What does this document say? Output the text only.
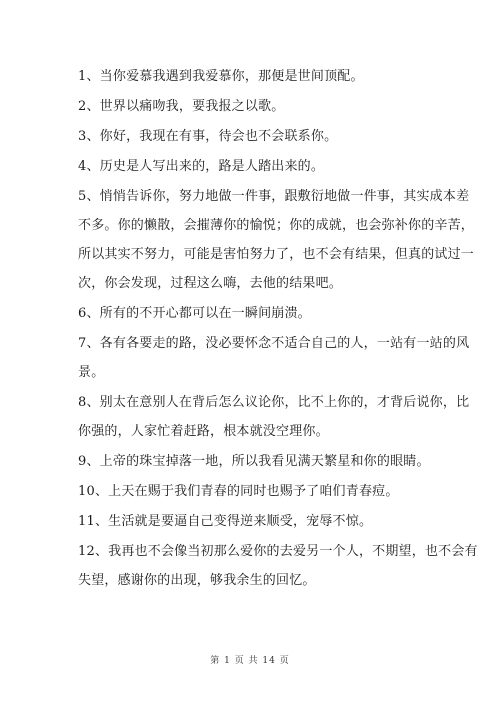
1、当你爱慕我遇到我爱慕你，那便是世间顶配。
2、世界以痛吻我，要我报之以歌。
3、你好，我现在有事，待会也不会联系你。
4、历史是人写出来的，路是人踏出来的。
5、悄悄告诉你，努力地做一件事，跟敷衍地做一件事，其实成本差
不多。你的懒散，会摧薄你的愉悦；你的成就，也会弥补你的辛苦，
所以其实不努力，可能是害怕努力了，也不会有结果，但真的试过一
次，你会发现，过程这么嗨，去他的结果吧。
6、所有的不开心都可以在一瞬间崩溃。
7、各有各要走的路，没必要怀念不适合自己的人，一站有一站的风
景。
8、别太在意别人在背后怎么议论你，比不上你的，才背后说你，比
你强的，人家忙着赶路，根本就没空理你。
9、上帝的珠宝掉落一地，所以我看见满天繁星和你的眼睛。
10、上天在赐于我们青春的同时也赐予了咱们青春痘。
11、生活就是要逼自己变得逆来顺受，宠辱不惊。
12、我再也不会像当初那么爱你的去爱另一个人，不期望，也不会有
失望，感谢你的出现，够我余生的回忆。
第 1 页 共 14 页
